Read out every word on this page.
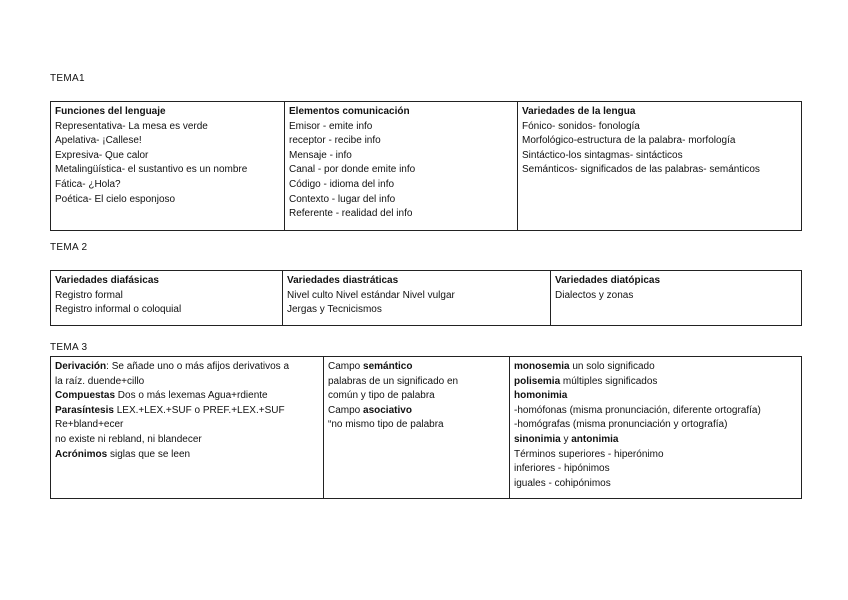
TEMA1
Funciones del lenguaje
Representativa- La mesa es verde
Apelativa- ¡Callese!
Expresiva- Que calor
Metalingüística- el sustantivo es un nombre
Fática- ¿Hola?
Poética- El cielo esponjoso

Elementos comunicación
Emisor - emite info
receptor - recibe info
Mensaje - info
Canal - por donde emite info
Código - idioma del info
Contexto - lugar del info
Referente - realidad del info

Variedades de la lengua
Fónico- sonidos- fonología
Morfológico-estructura de la palabra- morfología
Sintáctico-los sintagmas- sintácticos
Semánticos- significados de las palabras- semánticos
TEMA 2
Variedades diafásicas
Registro formal
Registro informal o coloquial

Variedades diastráticas
Nivel culto Nivel estándar Nivel vulgar
Jergas y Tecnicismos

Variedades diatópicas
Dialectos y zonas
TEMA 3
Derivación: Se añade uno o más afijos derivativos a
la raíz. duende+cillo
Compuestas Dos o más lexemas Agua+rdiente
Parasíntesis LEX.+LEX.+SUF o PREF.+LEX.+SUF
Re+bland+ecer
no existe ni rebland, ni blandecer
Acrónimos siglas que se leen

Campo semántico
palabras de un significado en
común y tipo de palabra
Campo asociativo
“no mismo tipo de palabra

monosemia un solo significado
polisemia múltiples significados
homonimia
-homófonas (misma pronunciación, diferente ortografía)
-homógrafas (misma pronunciación y ortografía)
sinonimia y antonimia
Términos superiores - hiperónimo
inferiores - hipónimos
iguales - cohipónimos
